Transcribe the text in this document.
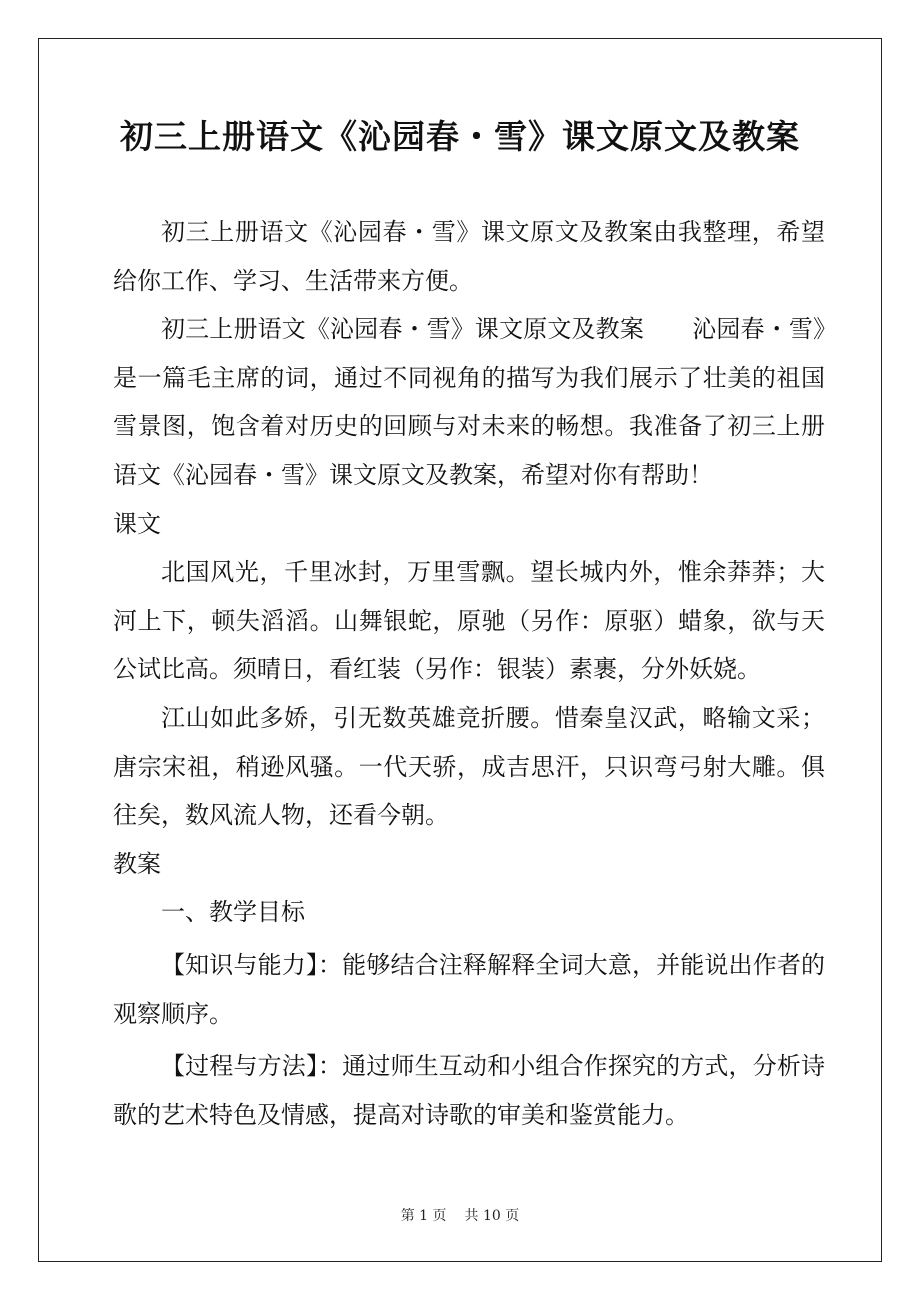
初三上册语文《沁园春・雪》课文原文及教案

初三上册语文《沁园春・雪》课文原文及教案由我整理，希望给你工作、学习、生活带来方便。

初三上册语文《沁园春・雪》课文原文及教案　　沁园春・雪》是一篇毛主席的词，通过不同视角的描写为我们展示了壮美的祖国雪景图，饱含着对历史的回顾与对未来的畅想。我准备了初三上册语文《沁园春・雪》课文原文及教案，希望对你有帮助！

课文

北国风光，千里冰封，万里雪飘。望长城内外，惟余莽莽；大河上下，顿失滔滔。山舞银蛇，原驰（另作：原驱）蜡象，欲与天公试比高。须晴日，看红装（另作：银装）素裹，分外妖娆。

江山如此多娇，引无数英雄竞折腰。惜秦皇汉武，略输文采；唐宗宋祖，稍逊风骚。一代天骄，成吉思汗，只识弯弓射大雕。俱往矣，数风流人物，还看今朝。

教案

一、教学目标

【知识与能力】：能够结合注释解释全词大意，并能说出作者的观察顺序。

【过程与方法】：通过师生互动和小组合作探究的方式，分析诗歌的艺术特色及情感，提高对诗歌的审美和鉴赏能力。

第 1 页 共 10 页
